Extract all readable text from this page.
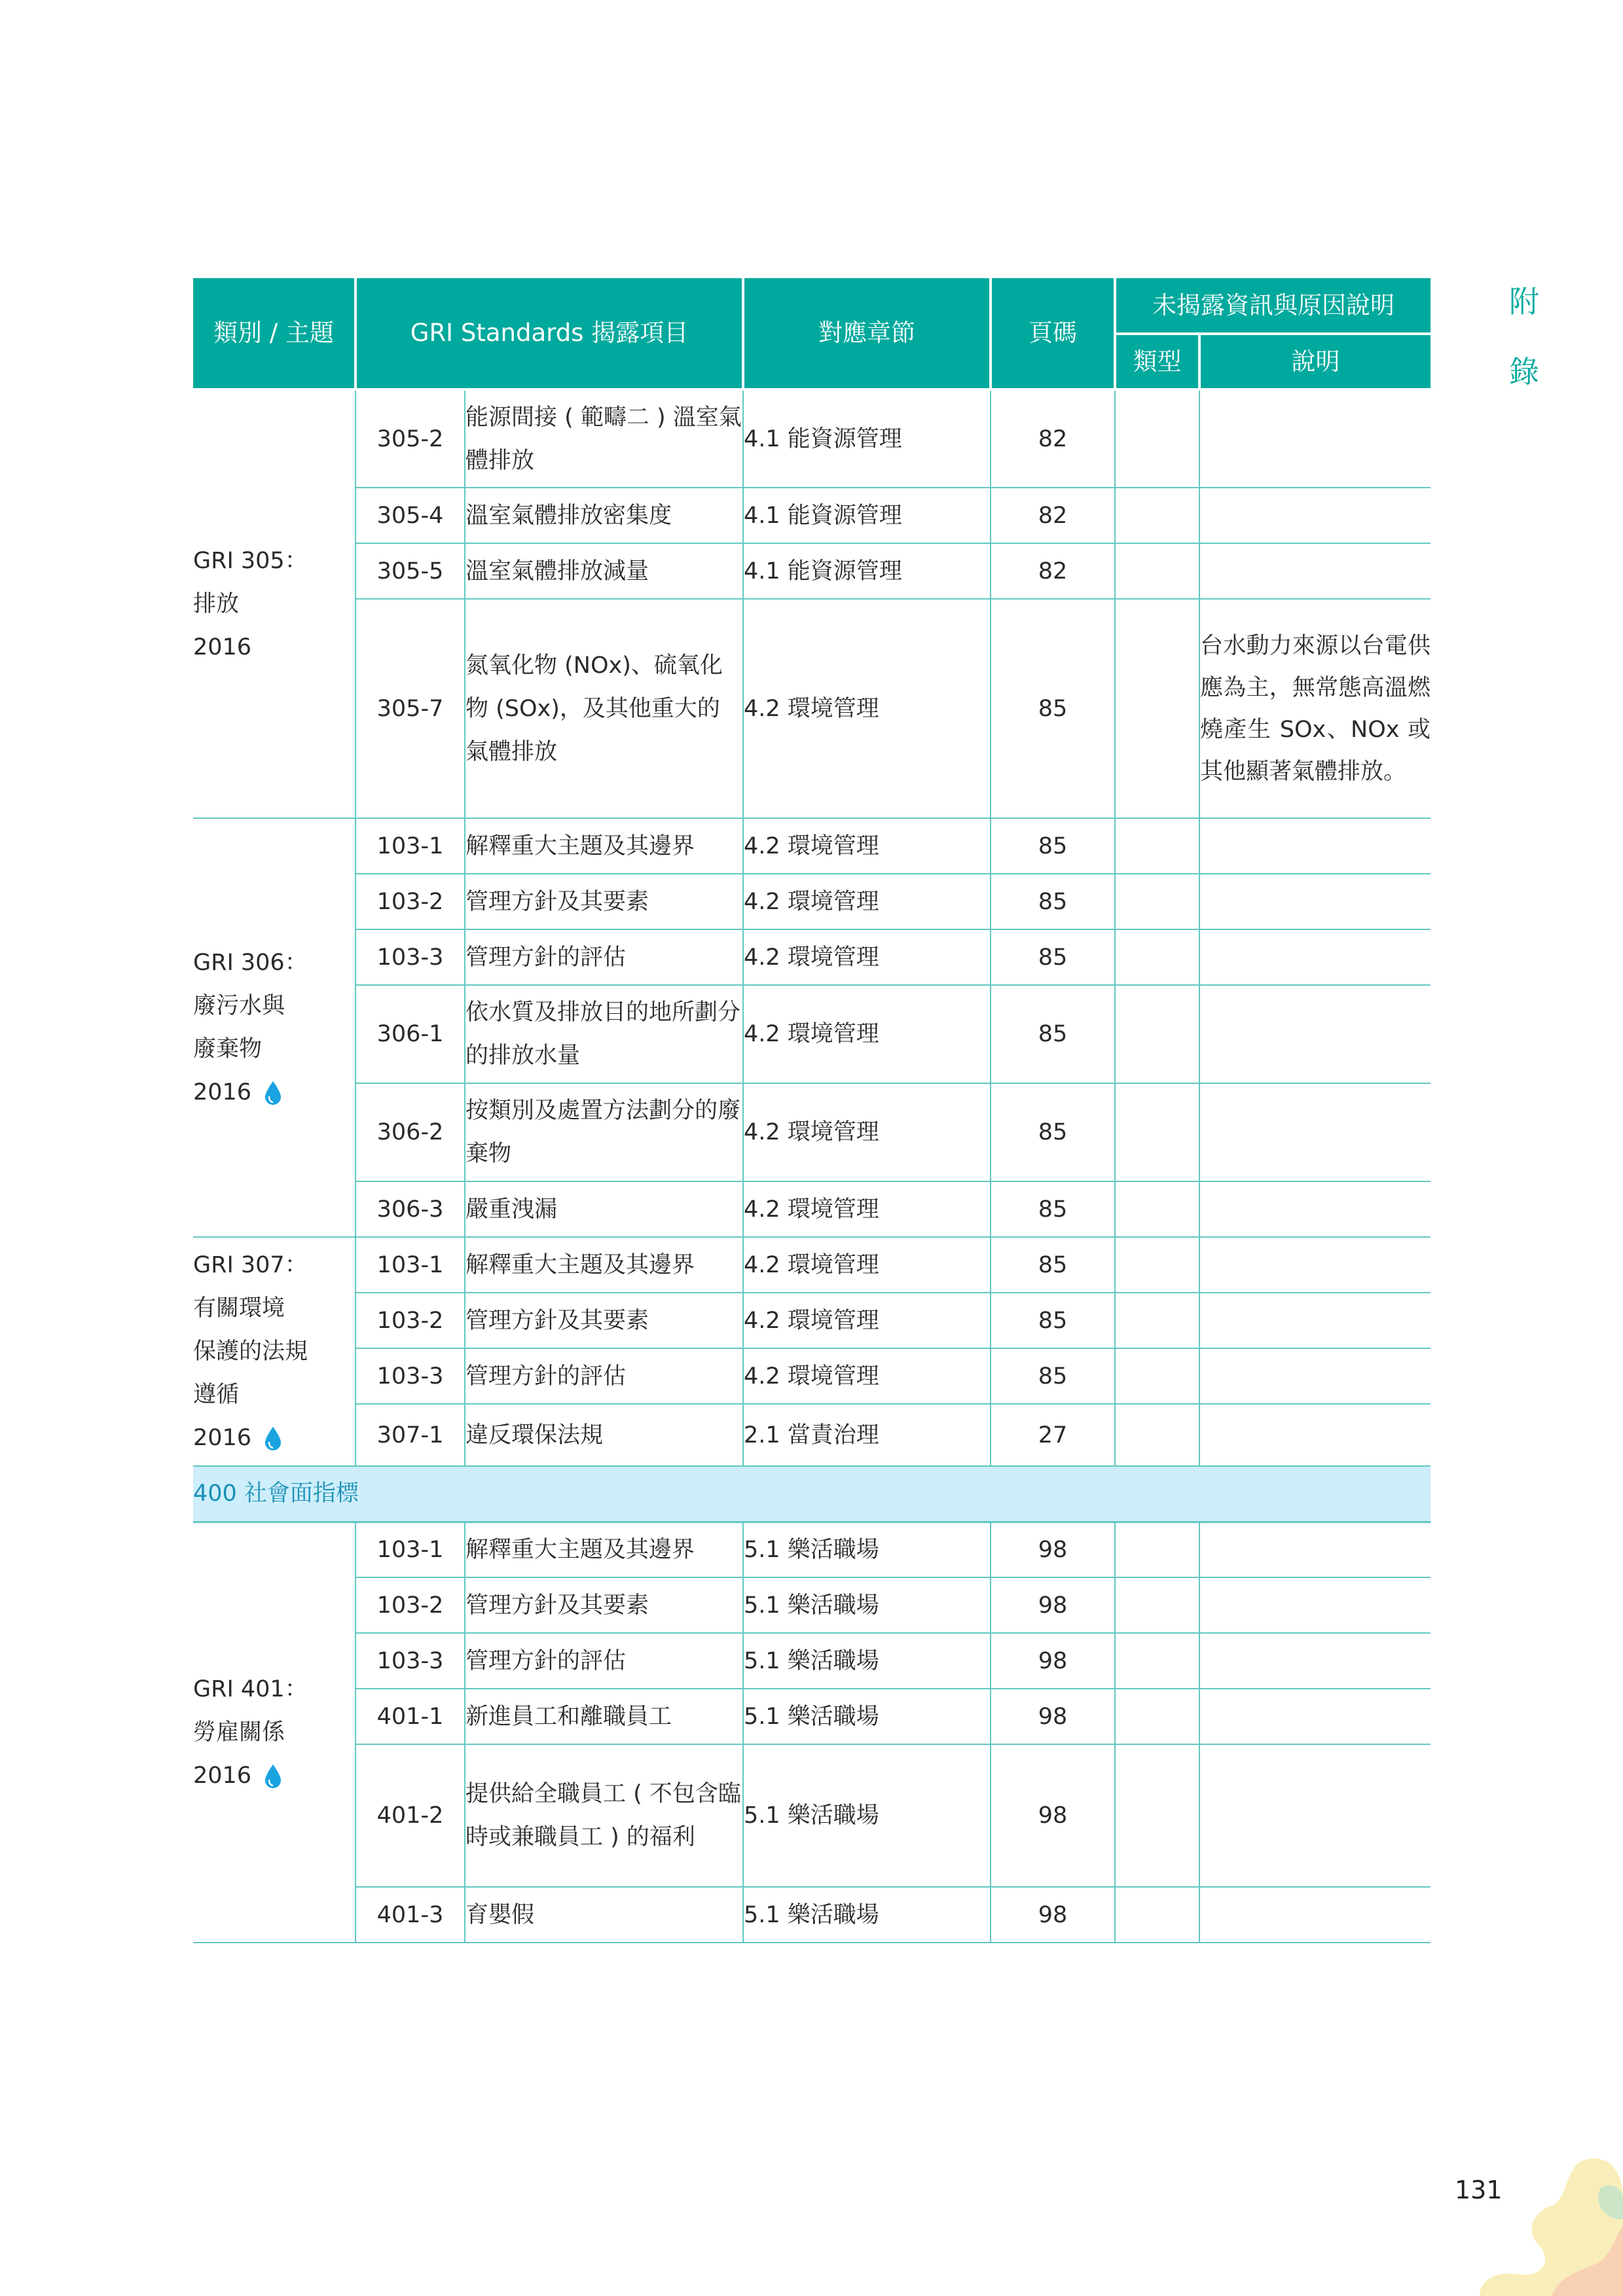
附
錄
類別 / 主題	GRI Standards 揭露項目		對應章節	頁碼	未揭露資訊與原因說明	
					類型	說明

GRI 305：
排放
2016	305-2	能源間接 ( 範疇二 ) 溫室氣體排放	4.1 能資源管理	82		
	305-4	溫室氣體排放密集度	4.1 能資源管理	82		
	305-5	溫室氣體排放減量	4.1 能資源管理	82		
	305-7	氮氧化物 (NOx)、硫氧化物 (SOx)，及其他重大的氣體排放	4.2 環境管理	85		台水動力來源以台電供應為主，無常態高溫燃燒產生 SOx、NOx 或 其他顯著氣體排放。

GRI 306：
廢污水與
廢棄物
2016	103-1	解釋重大主題及其邊界	4.2 環境管理	85		
	103-2	管理方針及其要素	4.2 環境管理	85		
	103-3	管理方針的評估	4.2 環境管理	85		
	306-1	依水質及排放目的地所劃分的排放水量	4.2 環境管理	85		
	306-2	按類別及處置方法劃分的廢棄物	4.2 環境管理	85		
	306-3	嚴重洩漏	4.2 環境管理	85		

GRI 307：
有關環境
保護的法規
遵循
2016	103-1	解釋重大主題及其邊界	4.2 環境管理	85		
	103-2	管理方針及其要素	4.2 環境管理	85		
	103-3	管理方針的評估	4.2 環境管理	85		
	307-1	違反環保法規	2.1 當責治理	27		
400 社會面指標						

GRI 401：
勞雇關係
2016	103-1	解釋重大主題及其邊界	5.1 樂活職場	98		
	103-2	管理方針及其要素	5.1 樂活職場	98		
	103-3	管理方針的評估	5.1 樂活職場	98		
	401-1	新進員工和離職員工	5.1 樂活職場	98		
	401-2	提供給全職員工 ( 不包含臨時或兼職員工 ) 的福利	5.1 樂活職場	98		
	401-3	育嬰假	5.1 樂活職場	98		
131
